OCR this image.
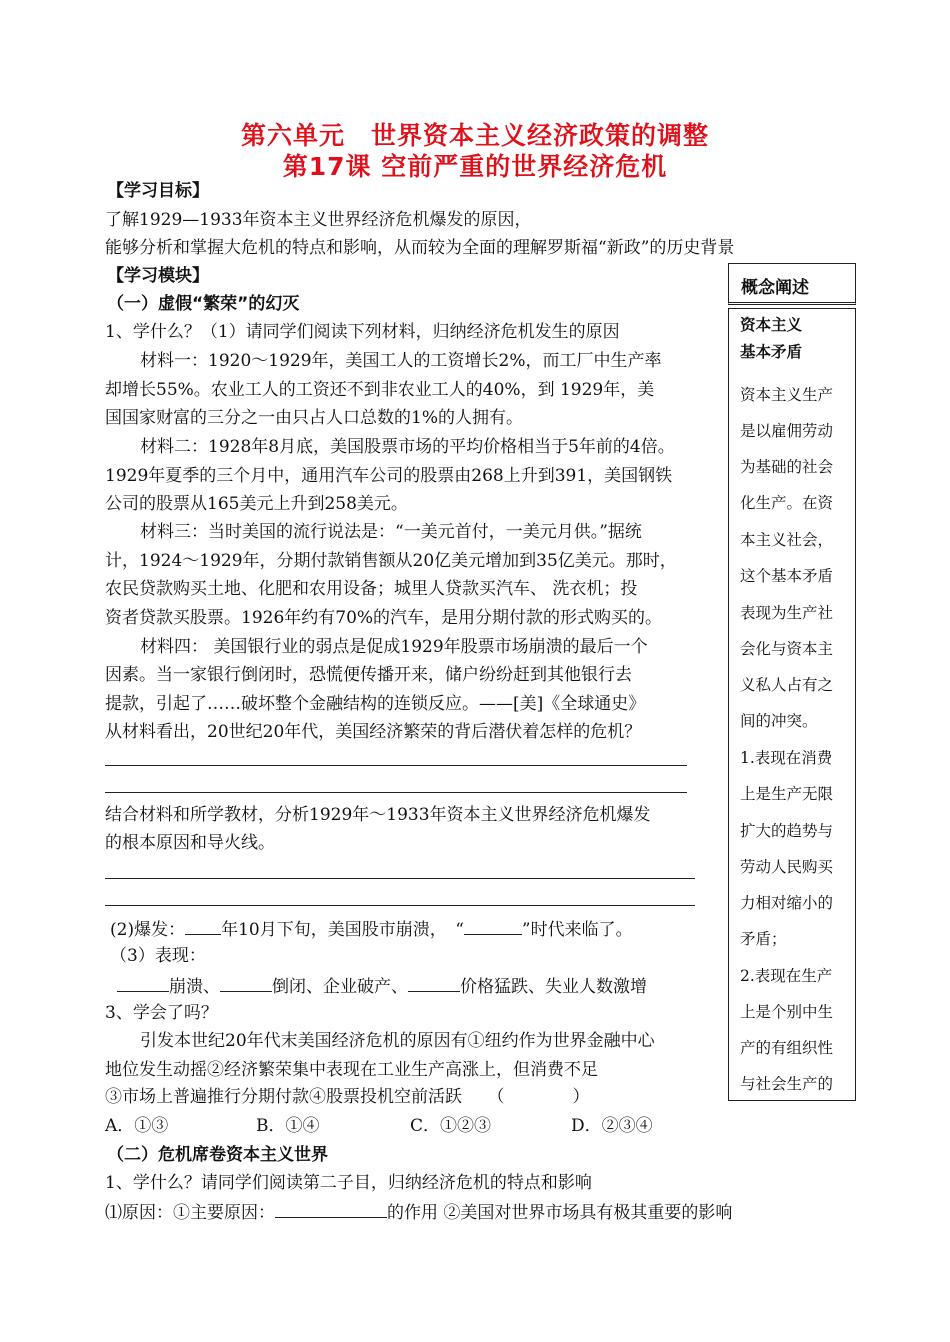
第六单元　世界资本主义经济政策的调整
第17课 空前严重的世界经济危机
【学习目标】
了解1929—1933年资本主义世界经济危机爆发的原因，
能够分析和掌握大危机的特点和影响，从而较为全面的理解罗斯福“新政”的历史背景
【学习模块】
（一）虚假“繁荣”的幻灭
1、学什么？（1）请同学们阅读下列材料，归纳经济危机发生的原因
材料一：1920～1929年，美国工人的工资增长2%，而工厂中生产率
却增长55%。农业工人的工资还不到非农业工人的40%，到 1929年，美
国国家财富的三分之一由只占人口总数的1%的人拥有。
材料二：1928年8月底，美国股票市场的平均价格相当于5年前的4倍。
1929年夏季的三个月中，通用汽车公司的股票由268上升到391，美国钢铁
公司的股票从165美元上升到258美元。
材料三：当时美国的流行说法是：“一美元首付，一美元月供。”据统
计，1924～1929年，分期付款销售额从20亿美元增加到35亿美元。那时，
农民贷款购买土地、化肥和农用设备；城里人贷款买汽车、 洗衣机；投
资者贷款买股票。1926年约有70%的汽车，是用分期付款的形式购买的。
材料四： 美国银行业的弱点是促成1929年股票市场崩溃的最后一个
因素。当一家银行倒闭时，恐慌便传播开来，储户纷纷赶到其他银行去
提款，引起了……破坏整个金融结构的连锁反应。——[美]《全球通史》
从材料看出，20世纪20年代，美国经济繁荣的背后潜伏着怎样的危机？
结合材料和所学教材，分析1929年～1933年资本主义世界经济危机爆发
的根本原因和导火线。
(2)爆发： 年10月下旬，美国股市崩溃，　“	”时代来临了。
（3）表现：
崩溃、	倒闭、企业破产、	价格猛跌、失业人数激增
3、学会了吗？
引发本世纪20年代末美国经济危机的原因有①纽约作为世界金融中心
地位发生动摇②经济繁荣集中表现在工业生产高涨上，但消费不足
③市场上普遍推行分期付款④股票投机空前活跃　　（　　　　）
A．①③	B．①④	C．①②③	D．②③④
（二）危机席卷资本主义世界
1、学什么？请同学们阅读第二子目，归纳经济危机的特点和影响
⑴原因：①主要原因：	的作用 ②美国对世界市场具有极其重要的影响
概念阐述
资本主义
基本矛盾
资本主义生产
是以雇佣劳动
为基础的社会
化生产。在资
本主义社会，
这个基本矛盾
表现为生产社
会化与资本主
义私人占有之
间的冲突。
1.表现在消费
上是生产无限
扩大的趋势与
劳动人民购买
力相对缩小的
矛盾；
2.表现在生产
上是个别中生
产的有组织性
与社会生产的
